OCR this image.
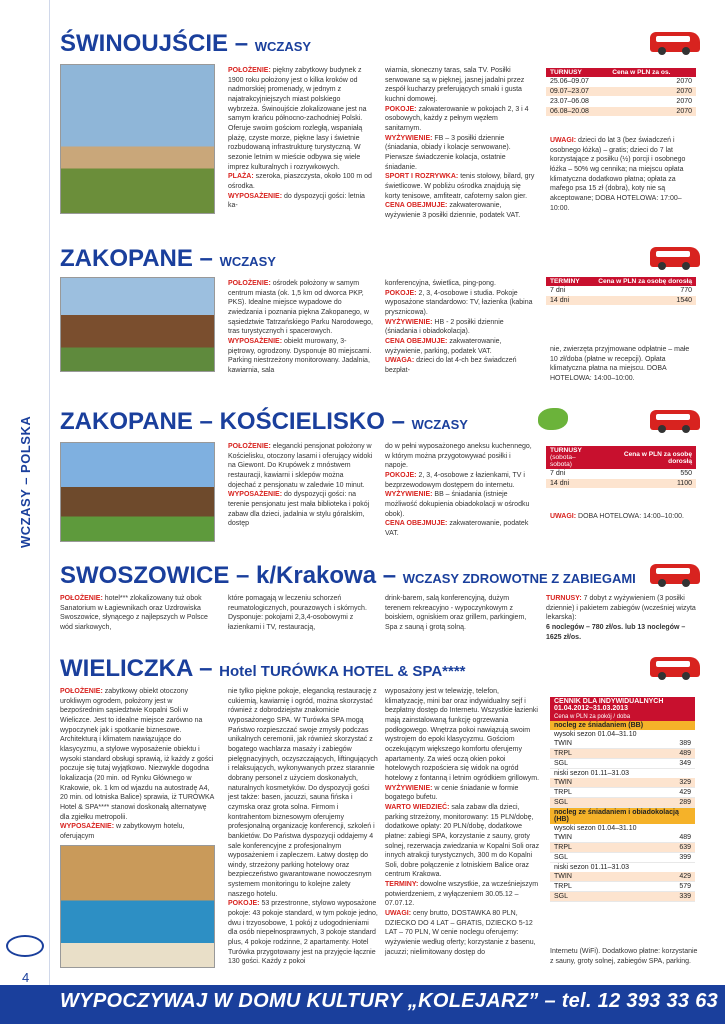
WCZASY – POLSKA
4
WYPOCZYWAJ W DOMU KULTURY „KOLEJARZ” – tel. 12 393 33 63
ŚWINOUJŚCIE – WCZASY

POŁOŻENIE: piękny zabytkowy budynek z 1900 roku położony jest o kilka kroków od nadmorskiej promenady, w jednym z najatrakcyjniejszych miast polskiego wybrzeża. Świnoujście zlokalizowane jest na samym krańcu północno-zachodniej Polski. Oferuje swoim gościom rozległą, wspaniałą plażę, czyste morze, piękne lasy i świetnie rozbudowaną infrastrukturę turystyczną. W sezonie letnim w mieście odbywa się wiele imprez kulturalnych i rozrywkowych.

PLAŻA: szeroka, piaszczysta, około 100 m od ośrodka.

WYPOSAŻENIE: do dyspozycji gości: letnia ka-

wiarnia, słoneczny taras, sala TV. Posiłki serwowane są w pięknej, jasnej jadalni przez zespół kucharzy preferujących smaki i gusta kuchni domowej.

POKOJE: zakwaterowanie w pokojach 2, 3 i 4 osobowych, każdy z pełnym węzłem sanitarnym.

WYŻYWIENIE: FB – 3 posiłki dziennie (śniadania, obiady i kolacje serwowane). Pierwsze świadczenie kolacja, ostatnie śniadanie.

SPORT I ROZRYWKA: tenis stołowy, bilard, gry świetlicowe. W pobliżu ośrodka znajdują się korty tenisowe, amfiteatr, cafoterny salon gier.

CENA OBEJMUJE: zakwaterowanie, wyżywienie 3 posiłki dziennie, podatek VAT.

TURNUSY	Cena w PLN za os.
25.06–09.07	2070
09.07–23.07	2070
23.07–06.08	2070
06.08–20.08	2070
UWAGI: dzieci do lat 3 (bez świadczeń i osobnego łóżka) – gratis; dzieci do 7 lat korzystające z posiłku (½) porcji i osobnego łóżka – 50% wg cennika; na miejscu opłata klimatyczna dodatkowo płatna; opłata za mafego psa 15 zł (dobra), koty nie są akceptowane; DOBA HOTELOWA: 17:00–10:00.
ZAKOPANE – WCZASY

POŁOŻENIE: ośrodek położony w samym centrum miasta (ok. 1,5 km od dworca PKP, PKS). Idealne miejsce wypadowe do zwiedzania i poznania piękna Zakopanego, w sąsiedztwie Tatrzańskiego Parku Narodowego, tras turystycznych i spacerowych.

WYPOSAŻENIE: obiekt murowany, 3-piętrowy, ogrodzony. Dysponuje 80 miejscami. Parking niestrzeżony monitorowany. Jadalnia, kawiarnia, sala

konferencyjna, świetlica, ping-pong.

POKOJE: 2, 3, 4-osobowe i studia. Pokoje wyposażone standardowo: TV, łazienka (kabina prysznicowa).

WYŻYWIENIE: HB - 2 posiłki dziennie (śniadania i obiadokolacja).

CENA OBEJMUJE: zakwaterowanie, wyżywienie, parking, podatek VAT.

UWAGA: dzieci do lat 4-ch bez świadczeń bezpłat-

TERMINY	Cena w PLN za osobę dorosłą
7 dni	770
14 dni	1540
nie, zwierzęta przyjmowane odpłatnie – małe 10 zł/doba (płatne w recepcji). Opłata klimatyczna płatna na miejscu. DOBA HOTELOWA: 14:00–10:00.
ZAKOPANE – KOŚCIELISKO – WCZASY

POŁOŻENIE: elegancki pensjonat położony w Kościelisku, otoczony lasami i oferujący widoki na Giewont. Do Krupówek z mnóstwem restauracji, kawiarni i sklepów można dojechać z pensjonatu w zaledwie 10 minut.

WYPOSAŻENIE: do dyspozycji gości: na terenie pensjonatu jest mała biblioteka i pokój zabaw dla dzieci, jadalnia w stylu góralskim, dostęp

do w pełni wyposażonego aneksu kuchennego, w którym można przygotowywać posiłki i napoje.

POKOJE: 2, 3, 4-osobowe z łazienkami, TV i bezprzewodowym dostępem do internetu.

WYŻYWIENIE: BB – śniadania (istnieje możliwość dokupienia obiadokolacji w ośrodku obok).

CENA OBEJMUJE: zakwaterowanie, podatek VAT.

TURNUSY
(sobota–sobota)	Cena w PLN za osobę dorosłą
7 dni	550
14 dni	1100
UWAGI: DOBA HOTELOWA: 14:00–10:00.
SWOSZOWICE – k/Krakowa – WCZASY ZDROWOTNE Z ZABIEGAMI

POŁOŻENIE: hotel*** zlokalizowany tuż obok Sanatorium w Łagiewnikach oraz Uzdrowiska Swoszowice, słynącego z najlepszych w Polsce wód siarkowych,

które pomagają w leczeniu schorzeń reumatologicznych, pourazowych i skórnych. Dysponuje: pokojami 2,3,4-osobowymi z łazienkami i TV, restauracją,

drink-barem, salą konferencyjną, dużym terenem rekreacyjno - wypoczynkowym z boiskiem, ogniskiem oraz grillem, parkingiem, Spa z sauną i grotą solną.

TURNUSY: 7 dobyt z wyżywieniem (3 posiłki dziennie) i pakietem zabiegów (wcześniej wizyta lekarska):

6 noclegów – 780 zł/os. lub 13 noclegów – 1625 zł/os.

WIELICZKA – Hotel TURÓWKA HOTEL & SPA****

POŁOŻENIE: zabytkowy obiekt otoczony urokliwym ogrodem, położony jest w bezpośrednim sąsiedztwie Kopalni Soli w Wieliczce. Jest to idealne miejsce zarówno na wypoczynek jak i spotkanie biznesowe. Architekturą i klimatem nawiązujące do klasycyzmu, a stylowe wyposażenie obiektu i wysoki standard obsługi sprawią, iż każdy z gości poczuje się tutaj wyjątkowo. Niezwykle dogodna lokalizacja (20 min. od Rynku Głównego w Krakowie, ok. 1 km od wjazdu na autostradę A4, 20 min. od lotniska Balice) sprawia, iż TURÓWKA Hotel & SPA**** stanowi doskonałą alternatywę dla zgiełku metropolii.

WYPOSAŻENIE: w zabytkowym hotelu, oferującym

nie tylko piękne pokoje, elegancką restaurację z cukiernią, kawiarnię i ogród, można skorzystać również z dobrodziejstw znakomicie wyposażonego SPA. W Turówka SPA mogą Państwo rozpieszczać swoje zmysły podczas unikalnych ceremonii, jak również skorzystać z bogatego wachlarza masaży i zabiegów pielęgnacyjnych, oczyszczających, liftingujących i relaksujących, wykonywanych przez starannie dobrany personel z użyciem doskonałych, naturalnych kosmetyków. Do dyspozycji gości jest także: basen, jacuzzi, sauna fińska i czymska oraz grota solna. Firmom i kontrahentom biznesowym oferujemy profesjonalną organizację konferencji, szkoleń i bankietów. Do Państwa dyspozycji oddajemy 4 sale konferencyjne z profesjonalnym wyposażeniem i zapleczem. Łatwy dostęp do windy, strzeżony parking hotelowy oraz bezpieczeństwo gwarantowane nowoczesnym systemem monitoringu to kolejne zalety naszego hotelu.

POKOJE: 53 przestronne, stylowo wyposażone pokoje: 43 pokoje standard, w tym pokoje jedno, dwu i trzyosobowe, 1 pokój z udogodnieniami dla osób niepełnosprawnych, 3 pokoje standard plus, 4 pokoje rodzinne, 2 apartamenty. Hotel Turówka przygotowany jest na przyjęcie łącznie 130 gości. Każdy z pokoi

wyposażony jest w telewizję, telefon, klimatyzację, mini bar oraz indywidualny sejf i bezpłatny dostęp do Internetu. Wszystkie łazienki mają zainstalowaną funkcję ogrzewania podłogowego. Wnętrza pokoi nawiązują swoim wystrojem do epoki klasycyzmu. Gościom oczekującym większego komfortu oferujemy apartamenty. Za wieś oczą okien pokoi hotelowych rozpościera się widok na ogród hotelowy z fontanną i letnim ogródkiem grillowym.

WYŻYWIENIE: w cenie śniadanie w formie bogatego bufetu.

WARTO WIEDZIEĆ: sala zabaw dla dzieci, parking strzeżony, monitorowany: 15 PLN/dobę, dodatkowe opłaty: 20 PLN/dobę, dodatkowe płatne: zabiegi SPA, korzystanie z sauny, groty solnej, rezerwacja zwiedzania w Kopalni Soli oraz innych atrakcji turystycznych, 300 m do Kopalni Soli, dobre połączenie z lotniskiem Balice oraz centrum Krakowa.

TERMINY: dowolne wszystkie, za wcześniejszym potwierdzeniem, z wyłączeniem 30.05.12 – 07.07.12.

UWAGI: ceny brutto, DOSTAWKA 80 PLN, DZIECKO DO 4 LAT – GRATIS, DZIECKO 5-12 LAT – 70 PLN, W cenie noclegu oferujemy: wyżywienie według oferty; korzystanie z basenu, jacuzzi; nielimitowany dostęp do

CENNIK DLA INDYWIDUALNYCH 01.04.2012–31.03.2013
Cena w PLN za pokój / doba
nocleg ze śniadaniem (BB)
wysoki sezon 01.04–31.10
TWIN	389
TRPL	489
SGL	349
niski sezon 01.11–31.03
TWIN	329
TRPL	429
SGL	289
nocleg ze śniadaniem i obiadokolacją (HB)
wysoki sezon 01.04–31.10
TWIN	489
TRPL	639
SGL	399
niski sezon 01.11–31.03
TWIN	429
TRPL	579
SGL	339
Internetu (WiFi). Dodatkowo płatne: korzystanie z sauny, groty solnej, zabiegów SPA, parking.
